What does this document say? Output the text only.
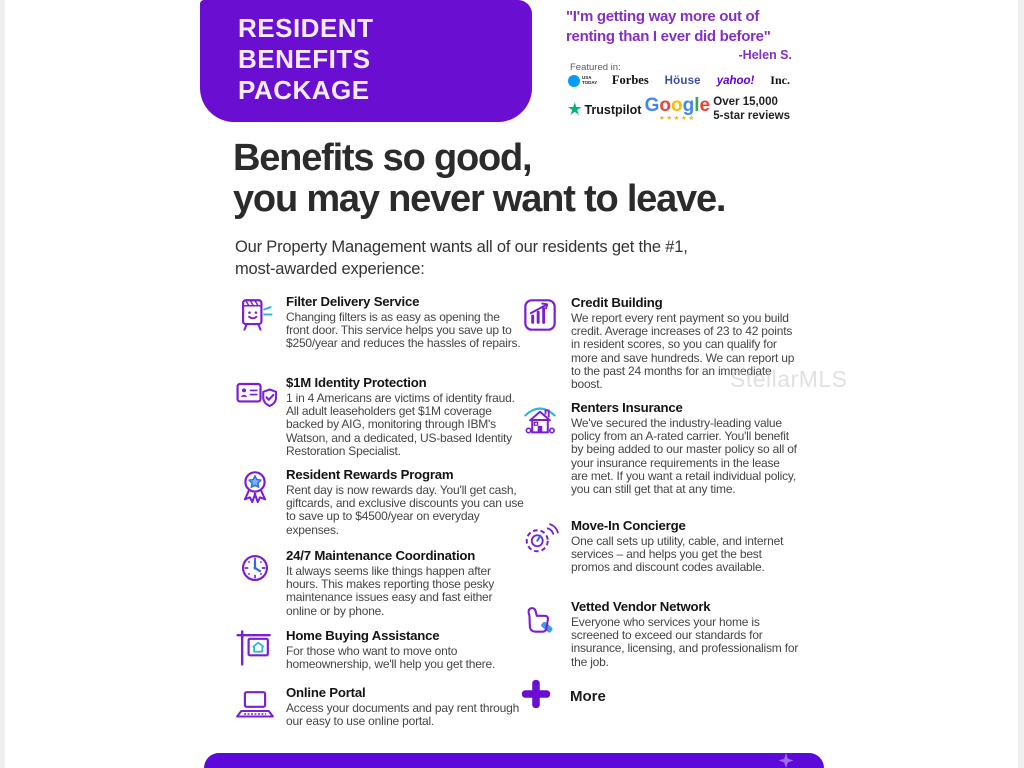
RESIDENT
BENEFITS
PACKAGE
"I'm getting way more out of renting than I ever did before"
-Helen S.
Featured in:
USA TODAY Forbes Höuse yahoo! Inc.
★ Trustpilot Google
★★★★★
Over 15,000
5-star reviews
Benefits so good,
you may never want to leave.
Our Property Management wants all of our residents get the #1,
most-awarded experience:
Filter Delivery Service
Changing filters is as easy as opening the front door. This service helps you save up to $250/year and reduces the hassles of repairs.
$1M Identity Protection
1 in 4 Americans are victims of identity fraud. All adult leaseholders get $1M coverage backed by AIG, monitoring through IBM's Watson, and a dedicated, US-based Identity Restoration Specialist.
Resident Rewards Program
Rent day is now rewards day. You'll get cash, giftcards, and exclusive discounts you can use to save up to $4500/year on everyday expenses.
24/7 Maintenance Coordination
It always seems like things happen after hours. This makes reporting those pesky maintenance issues easy and fast either online or by phone.
Home Buying Assistance
For those who want to move onto homeownership, we'll help you get there.
Online Portal
Access your documents and pay rent through our easy to use online portal.
Credit Building
We report every rent payment so you build credit. Average increases of 23 to 42 points in resident scores, so you can qualify for more and save hundreds. We can report up to the past 24 months for an immediate boost.
Renters Insurance
We've secured the industry-leading value policy from an A-rated carrier. You'll benefit by being added to our master policy so all of your insurance requirements in the lease are met. If you want a retail individual policy, you can still get that at any time.
Move-In Concierge
One call sets up utility, cable, and internet services – and helps you get the best promos and discount codes available.
Vetted Vendor Network
Everyone who services your home is screened to exceed our standards for insurance, licensing, and professionalism for the job.
More
StellarMLS
